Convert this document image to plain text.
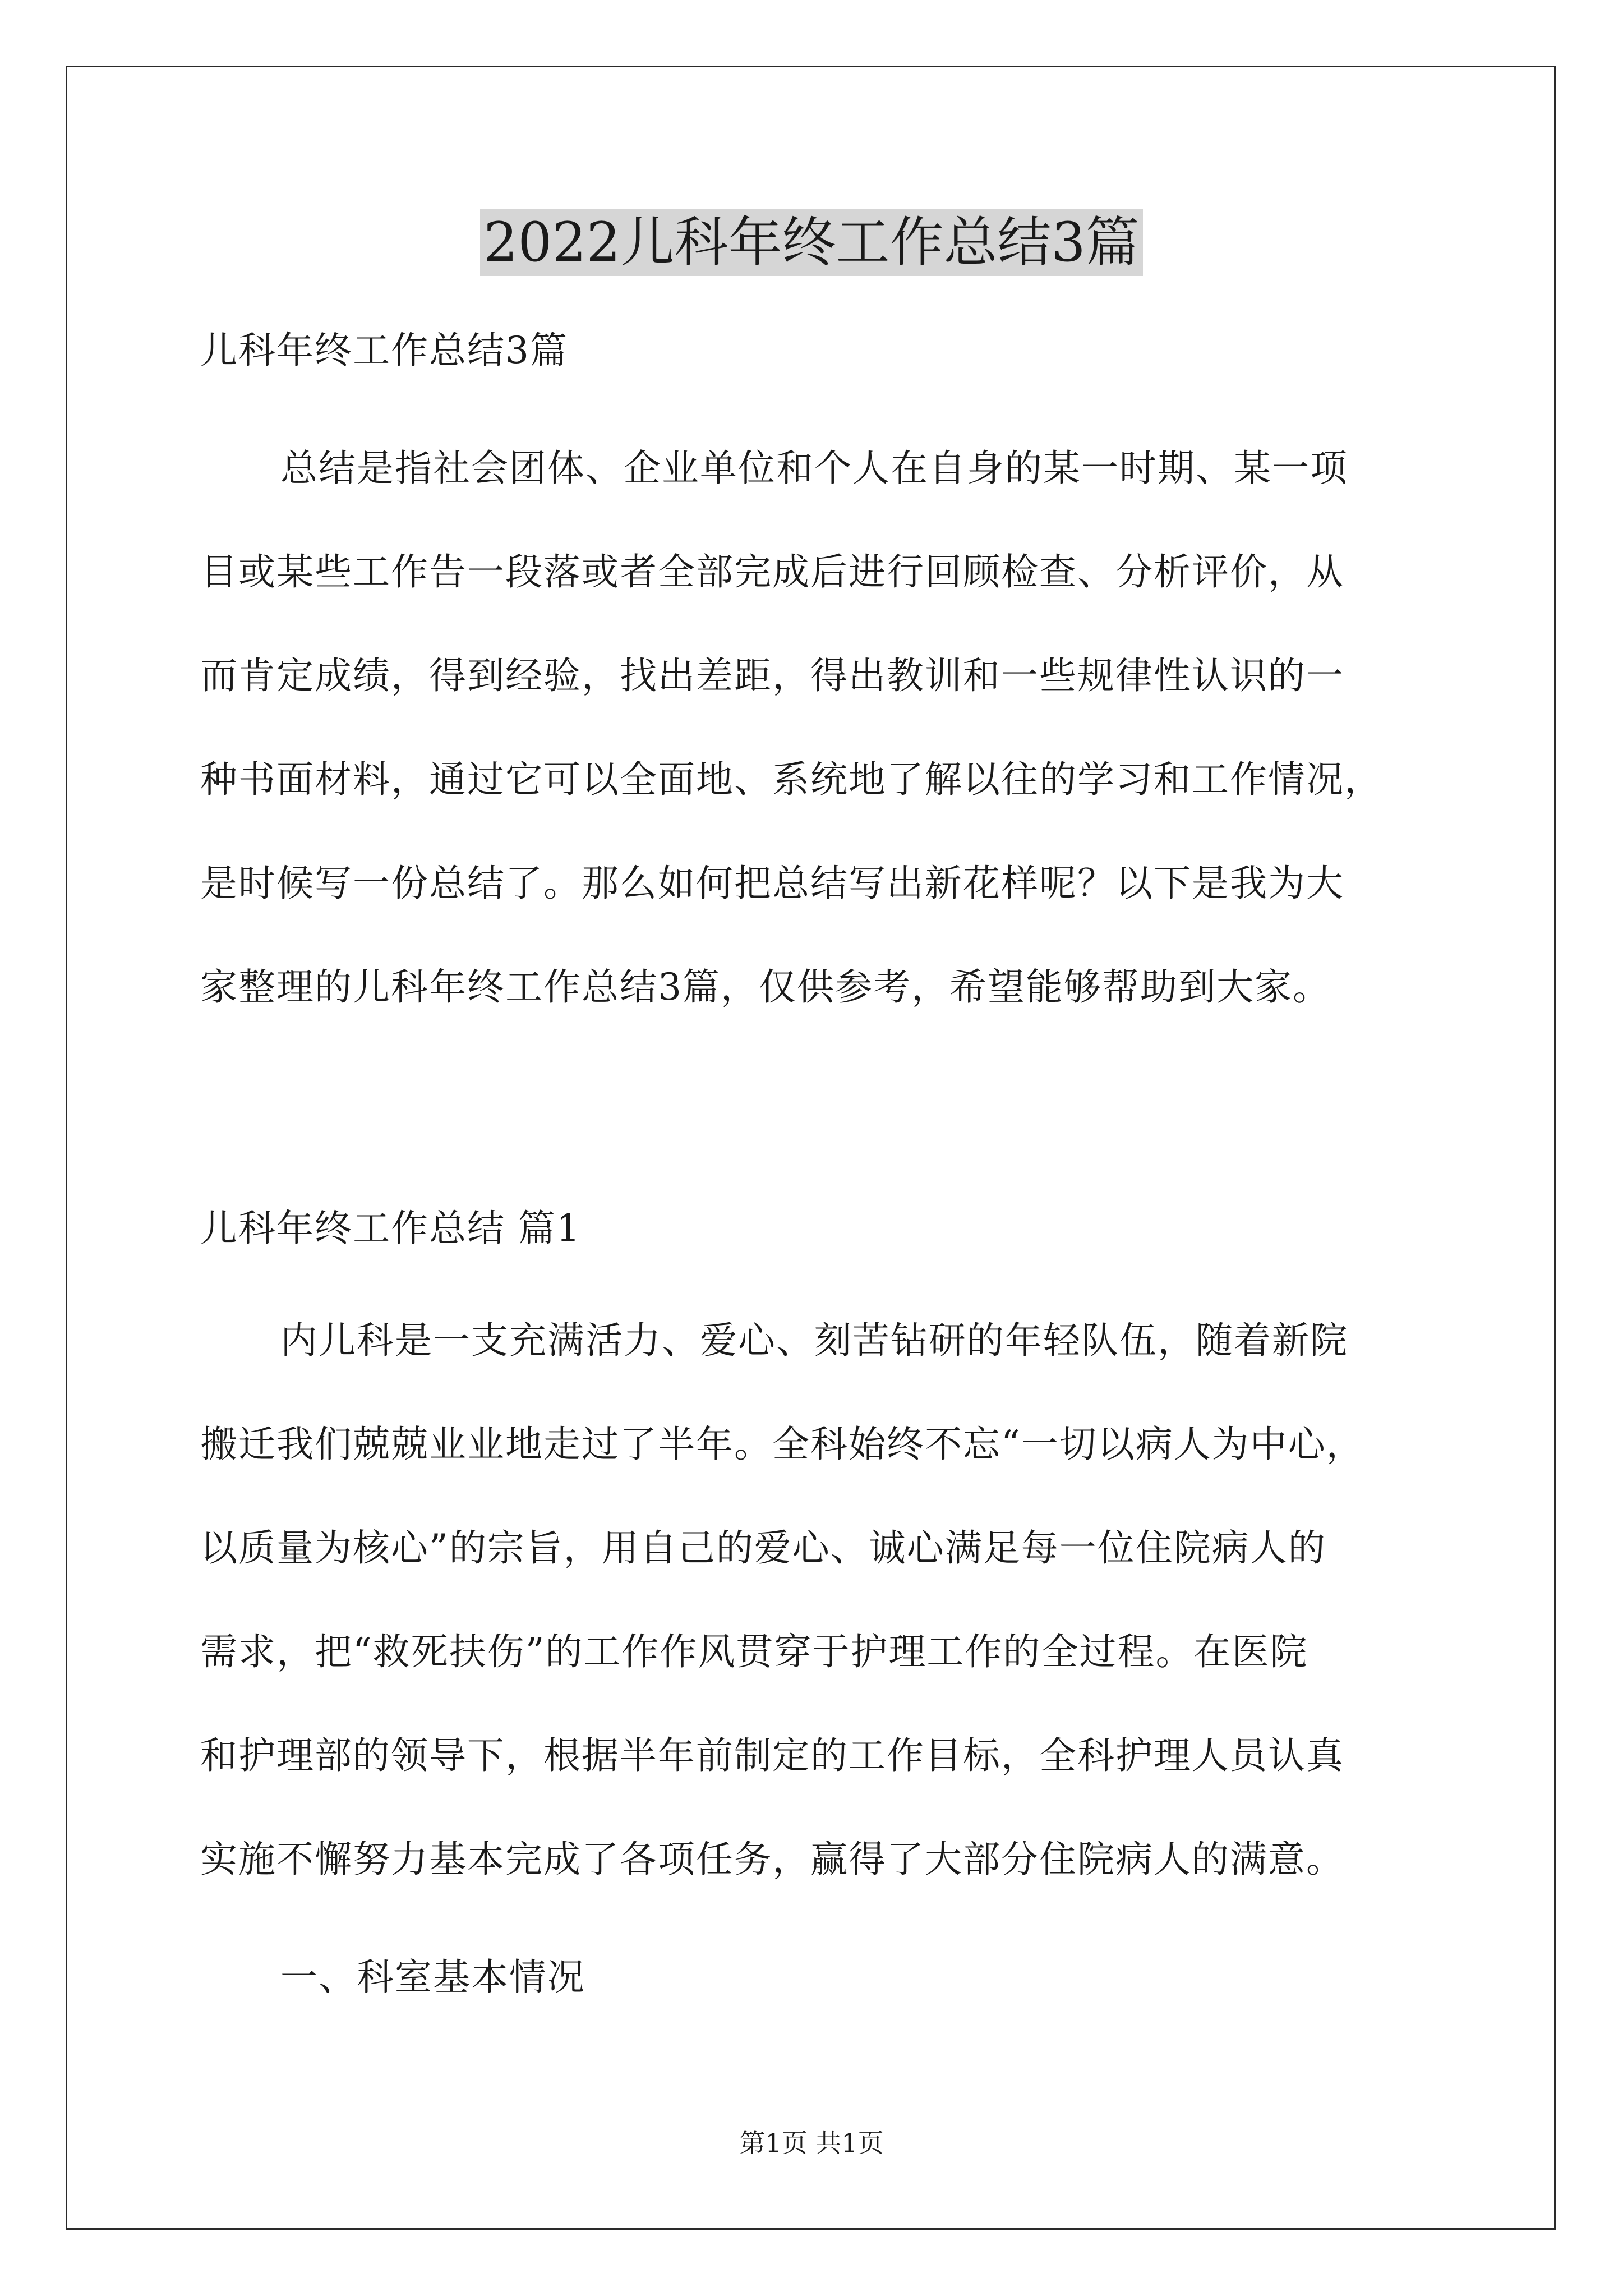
2022儿科年终工作总结3篇

儿科年终工作总结3篇

总结是指社会团体、企业单位和个人在自身的某一时期、某一项

目或某些工作告一段落或者全部完成后进行回顾检查、分析评价，从

而肯定成绩，得到经验，找出差距，得出教训和一些规律性认识的一

种书面材料，通过它可以全面地、系统地了解以往的学习和工作情况，

是时候写一份总结了。那么如何把总结写出新花样呢？以下是我为大

家整理的儿科年终工作总结3篇，仅供参考，希望能够帮助到大家。

儿科年终工作总结 篇1

内儿科是一支充满活力、爱心、刻苦钻研的年轻队伍，随着新院

搬迁我们兢兢业业地走过了半年。全科始终不忘“一切以病人为中心，

以质量为核心”的宗旨，用自己的爱心、诚心满足每一位住院病人的

需求，把“救死扶伤”的工作作风贯穿于护理工作的全过程。在医院

和护理部的领导下，根据半年前制定的工作目标，全科护理人员认真

实施不懈努力基本完成了各项任务，赢得了大部分住院病人的满意。

一、科室基本情况

第1页 共1页
